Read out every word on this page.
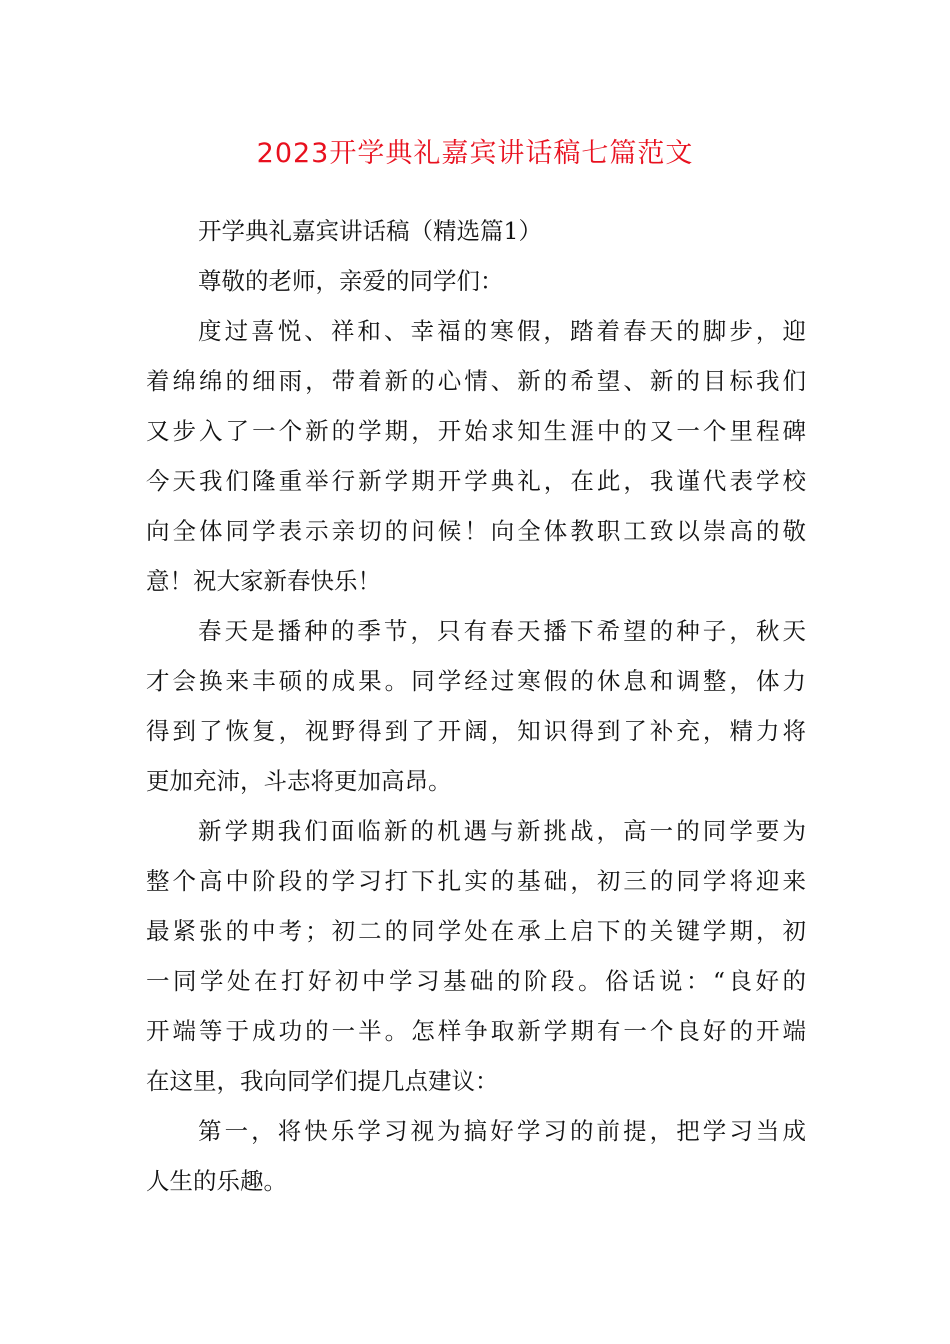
2023开学典礼嘉宾讲话稿七篇范文
开学典礼嘉宾讲话稿（精选篇1）
尊敬的老师，亲爱的同学们：
度过喜悦、祥和、幸福的寒假，踏着春天的脚步，迎
着绵绵的细雨，带着新的心情、新的希望、新的目标我们
又步入了一个新的学期，开始求知生涯中的又一个里程碑
今天我们隆重举行新学期开学典礼，在此，我谨代表学校
向全体同学表示亲切的问候！向全体教职工致以崇高的敬
意！祝大家新春快乐！
春天是播种的季节，只有春天播下希望的种子，秋天
才会换来丰硕的成果。同学经过寒假的休息和调整，体力
得到了恢复，视野得到了开阔，知识得到了补充，精力将
更加充沛，斗志将更加高昂。
新学期我们面临新的机遇与新挑战，高一的同学要为
整个高中阶段的学习打下扎实的基础，初三的同学将迎来
最紧张的中考；初二的同学处在承上启下的关键学期，初
一同学处在打好初中学习基础的阶段。俗话说：“良好的
开端等于成功的一半。怎样争取新学期有一个良好的开端
在这里，我向同学们提几点建议：
第一，将快乐学习视为搞好学习的前提，把学习当成
人生的乐趣。
